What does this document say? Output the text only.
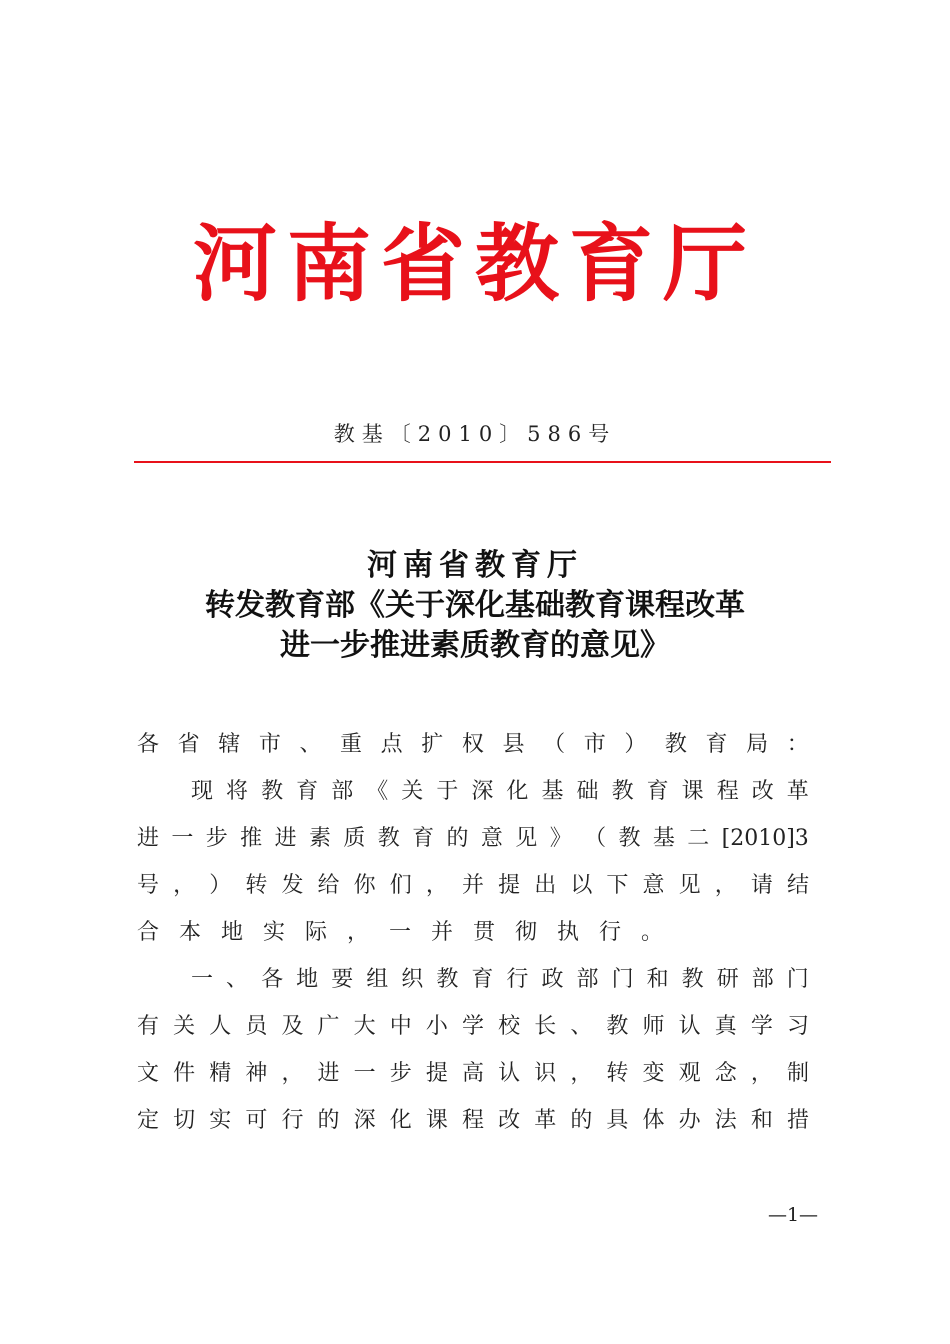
河南省教育厅
教基〔2010〕586号
河南省教育厅
转发教育部《关于深化基础教育课程改革
进一步推进素质教育的意见》
各 省 辖 市 、 重 点 扩 权 县 （ 市 ） 教 育 局 ：
现 将 教 育 部 《 关 于 深 化 基 础 教 育 课 程 改 革
进 一 步 推 进 素 质 教 育 的 意 见 》 （ 教 基 二 [2010]3
号 ， ） 转 发 给 你 们 ， 并 提 出 以 下 意 见 ， 请 结
合本地实际，一并贯彻执行。
一 、 各 地 要 组 织 教 育 行 政 部 门 和 教 研 部 门
有 关 人 员 及 广 大 中 小 学 校 长 、 教 师 认 真 学 习
文 件 精 神 ， 进 一 步 提 高 认 识 ， 转 变 观 念 ， 制
定 切 实 可 行 的 深 化 课 程 改 革 的 具 体 办 法 和 措
—1—
